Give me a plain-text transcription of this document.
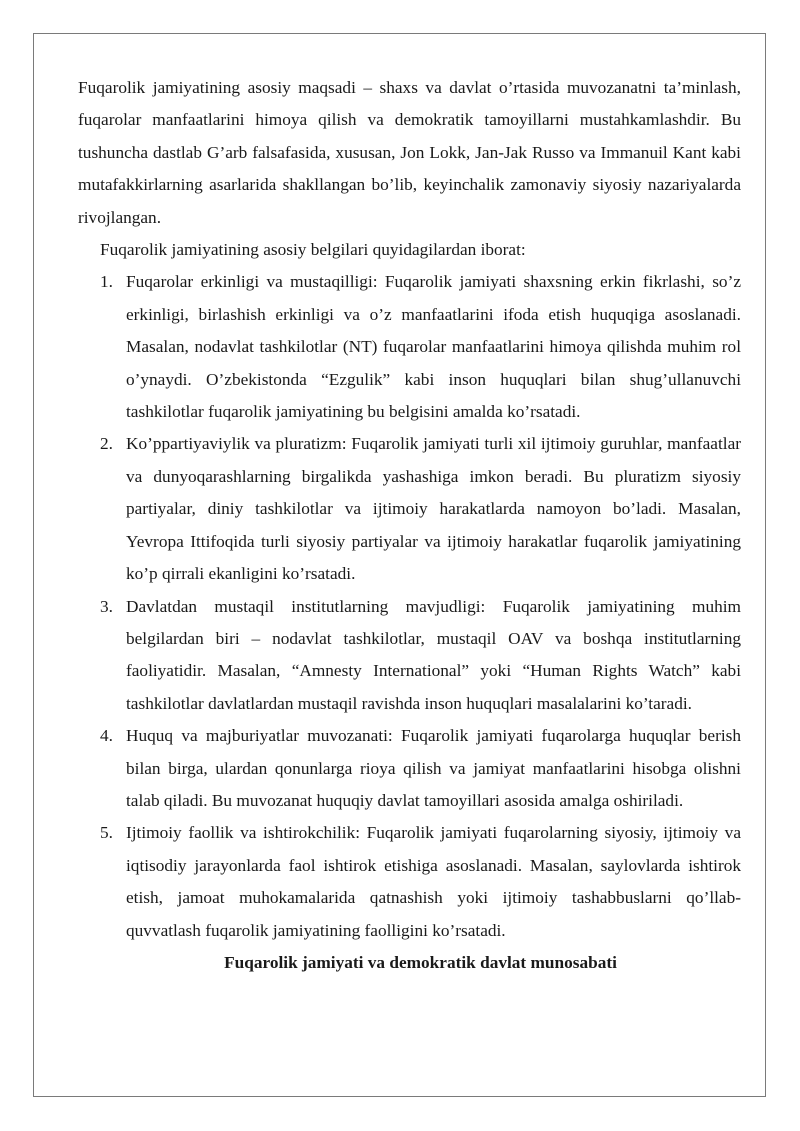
Fuqarolik jamiyatining asosiy maqsadi – shaxs va davlat o’rtasida muvozanatni ta’minlash, fuqarolar manfaatlarini himoya qilish va demokratik tamoyillarni mustahkamlashdir. Bu tushuncha dastlab G’arb falsafasida, xususan, Jon Lokk, Jan-Jak Russo va Immanuil Kant kabi mutafakkirlarning asarlarida shakllangan bo’lib, keyinchalik zamonaviy siyosiy nazariyalarda rivojlangan.

Fuqarolik jamiyatining asosiy belgilari quyidagilardan iborat:

1. Fuqarolar erkinligi va mustaqilligi: Fuqarolik jamiyati shaxsning erkin fikrlashi, so’z erkinligi, birlashish erkinligi va o’z manfaatlarini ifoda etish huquqiga asoslanadi. Masalan, nodavlat tashkilotlar (NT) fuqarolar manfaatlarini himoya qilishda muhim rol o’ynaydi. O’zbekistonda “Ezgulik” kabi inson huquqlari bilan shug’ullanuvchi tashkilotlar fuqarolik jamiyatining bu belgisini amalda ko’rsatadi.
2. Ko’ppartiyaviylik va pluratizm: Fuqarolik jamiyati turli xil ijtimoiy guruhlar, manfaatlar va dunyoqarashlarning birgalikda yashashiga imkon beradi. Bu pluratizm siyosiy partiyalar, diniy tashkilotlar va ijtimoiy harakatlarda namoyon bo’ladi. Masalan, Yevropa Ittifoqida turli siyosiy partiyalar va ijtimoiy harakatlar fuqarolik jamiyatining ko’p qirrali ekanligini ko’rsatadi.
3. Davlatdan mustaqil institutlarning mavjudligi: Fuqarolik jamiyatining muhim belgilardan biri – nodavlat tashkilotlar, mustaqil OAV va boshqa institutlarning faoliyatidir. Masalan, “Amnesty International” yoki “Human Rights Watch” kabi tashkilotlar davlatlardan mustaqil ravishda inson huquqlari masalalarini ko’taradi.
4. Huquq va majburiyatlar muvozanati: Fuqarolik jamiyati fuqarolarga huquqlar berish bilan birga, ulardan qonunlarga rioya qilish va jamiyat manfaatlarini hisobga olishni talab qiladi. Bu muvozanat huquqiy davlat tamoyillari asosida amalga oshiriladi.
5. Ijtimoiy faollik va ishtirokchilik: Fuqarolik jamiyati fuqarolarning siyosiy, ijtimoiy va iqtisodiy jarayonlarda faol ishtirok etishiga asoslanadi. Masalan, saylovlarda ishtirok etish, jamoat muhokamalarida qatnashish yoki ijtimoiy tashabbuslarni qo’llab-quvvatlash fuqarolik jamiyatining faolligini ko’rsatadi.

Fuqarolik jamiyati va demokratik davlat munosabati
